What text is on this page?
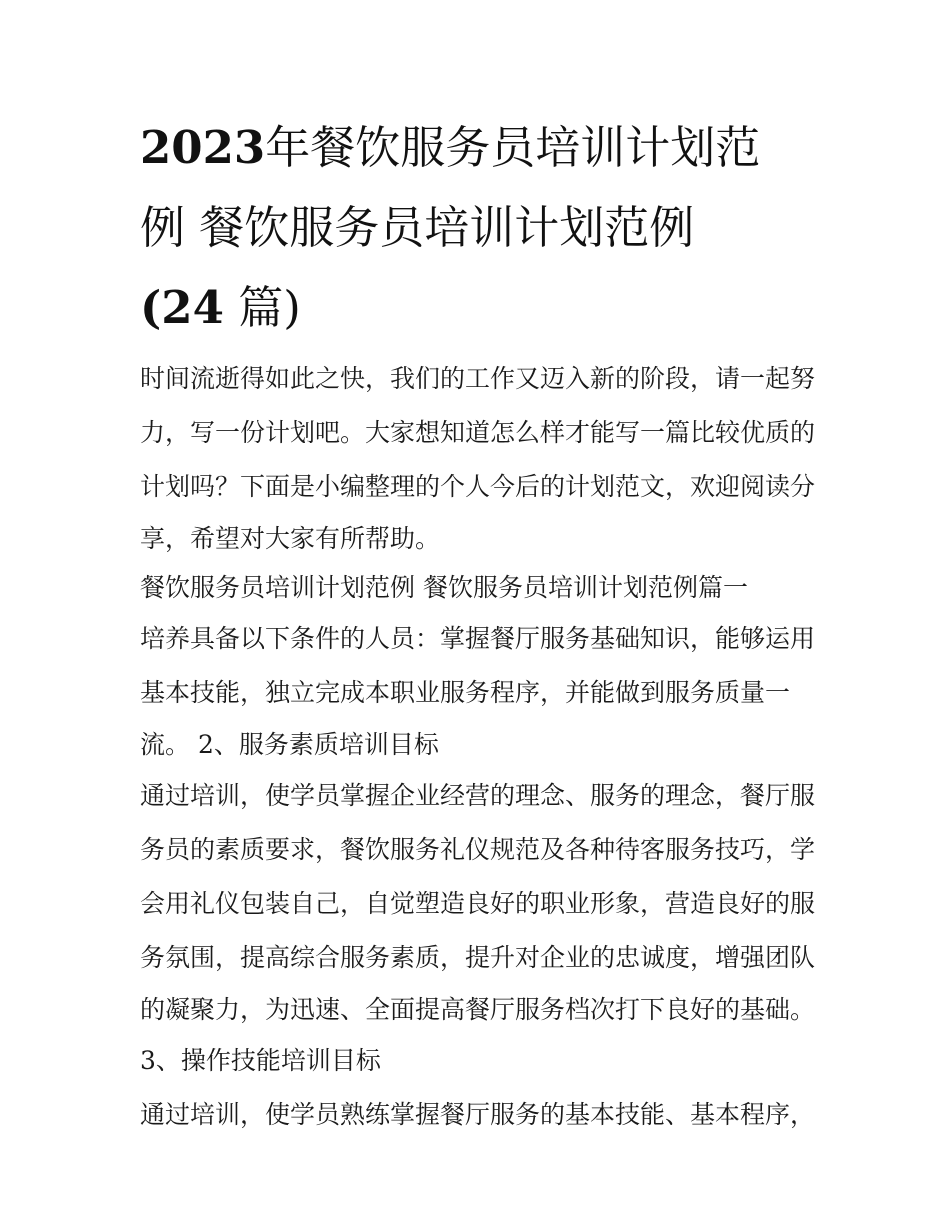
2023年餐饮服务员培训计划范
例 餐饮服务员培训计划范例
(24 篇)
时间流逝得如此之快，我们的工作又迈入新的阶段，请一起努
力，写一份计划吧。大家想知道怎么样才能写一篇比较优质的
计划吗？下面是小编整理的个人今后的计划范文，欢迎阅读分
享，希望对大家有所帮助。
餐饮服务员培训计划范例 餐饮服务员培训计划范例篇一
培养具备以下条件的人员：掌握餐厅服务基础知识，能够运用
基本技能，独立完成本职业服务程序，并能做到服务质量一
流。 2、服务素质培训目标
通过培训，使学员掌握企业经营的理念、服务的理念，餐厅服
务员的素质要求，餐饮服务礼仪规范及各种待客服务技巧，学
会用礼仪包装自己，自觉塑造良好的职业形象，营造良好的服
务氛围，提高综合服务素质，提升对企业的忠诚度，增强团队
的凝聚力，为迅速、全面提高餐厅服务档次打下良好的基础。
3、操作技能培训目标
通过培训，使学员熟练掌握餐厅服务的基本技能、基本程序，
